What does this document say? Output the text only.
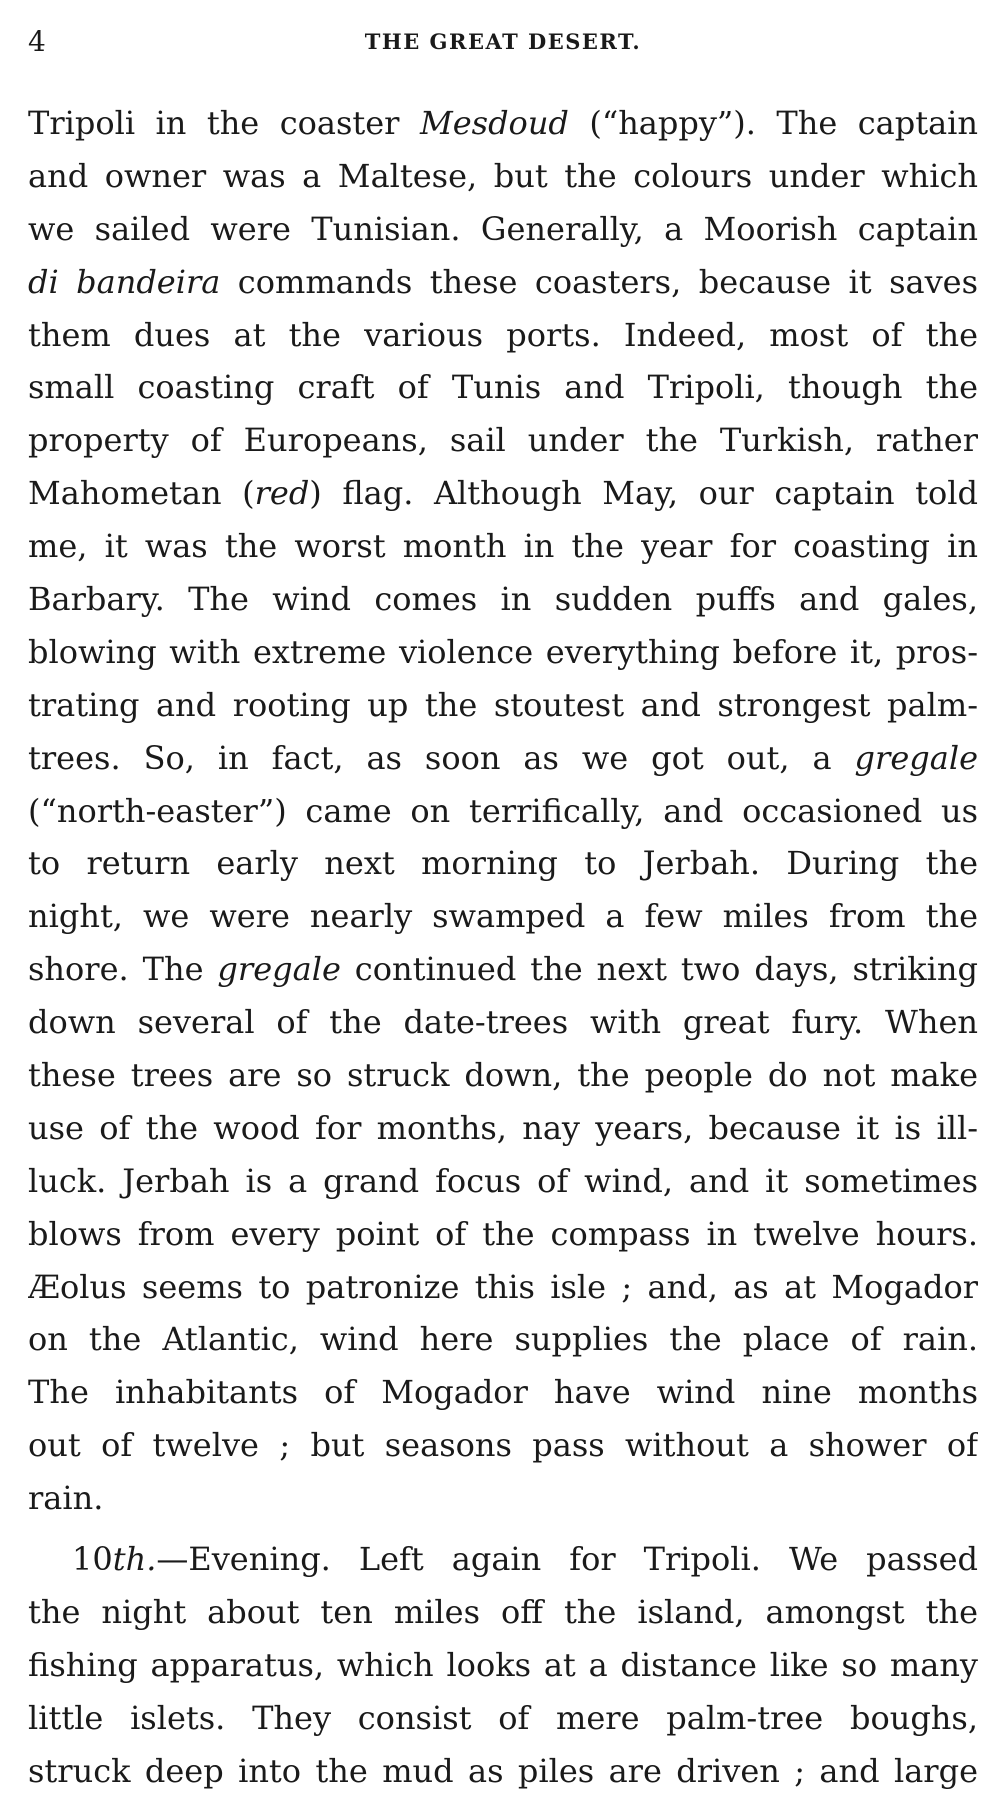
4	THE GREAT DESERT.
Tripoli in the coaster Mesdoud (“happy”). The captain
and owner was a Maltese, but the colours under which
we sailed were Tunisian. Generally, a Moorish captain
di bandeira commands these coasters, because it saves
them dues at the various ports. Indeed, most of the
small coasting craft of Tunis and Tripoli, though the
property of Europeans, sail under the Turkish, rather
Mahometan (red) flag. Although May, our captain told
me, it was the worst month in the year for coasting in
Barbary. The wind comes in sudden puffs and gales,
blowing with extreme violence everything before it, pros-
trating and rooting up the stoutest and strongest palm-
trees. So, in fact, as soon as we got out, a gregale
(“north-easter”) came on terrifically, and occasioned us
to return early next morning to Jerbah. During the
night, we were nearly swamped a few miles from the
shore. The gregale continued the next two days, striking
down several of the date-trees with great fury. When
these trees are so struck down, the people do not make
use of the wood for months, nay years, because it is ill-
luck. Jerbah is a grand focus of wind, and it sometimes
blows from every point of the compass in twelve hours.
Æolus seems to patronize this isle ; and, as at Mogador
on the Atlantic, wind here supplies the place of rain.
The inhabitants of Mogador have wind nine months
out of twelve ; but seasons pass without a shower of
rain.
10th.—Evening. Left again for Tripoli. We passed
the night about ten miles off the island, amongst the
fishing apparatus, which looks at a distance like so many
little islets. They consist of mere palm-tree boughs,
struck deep into the mud as piles are driven ; and large
